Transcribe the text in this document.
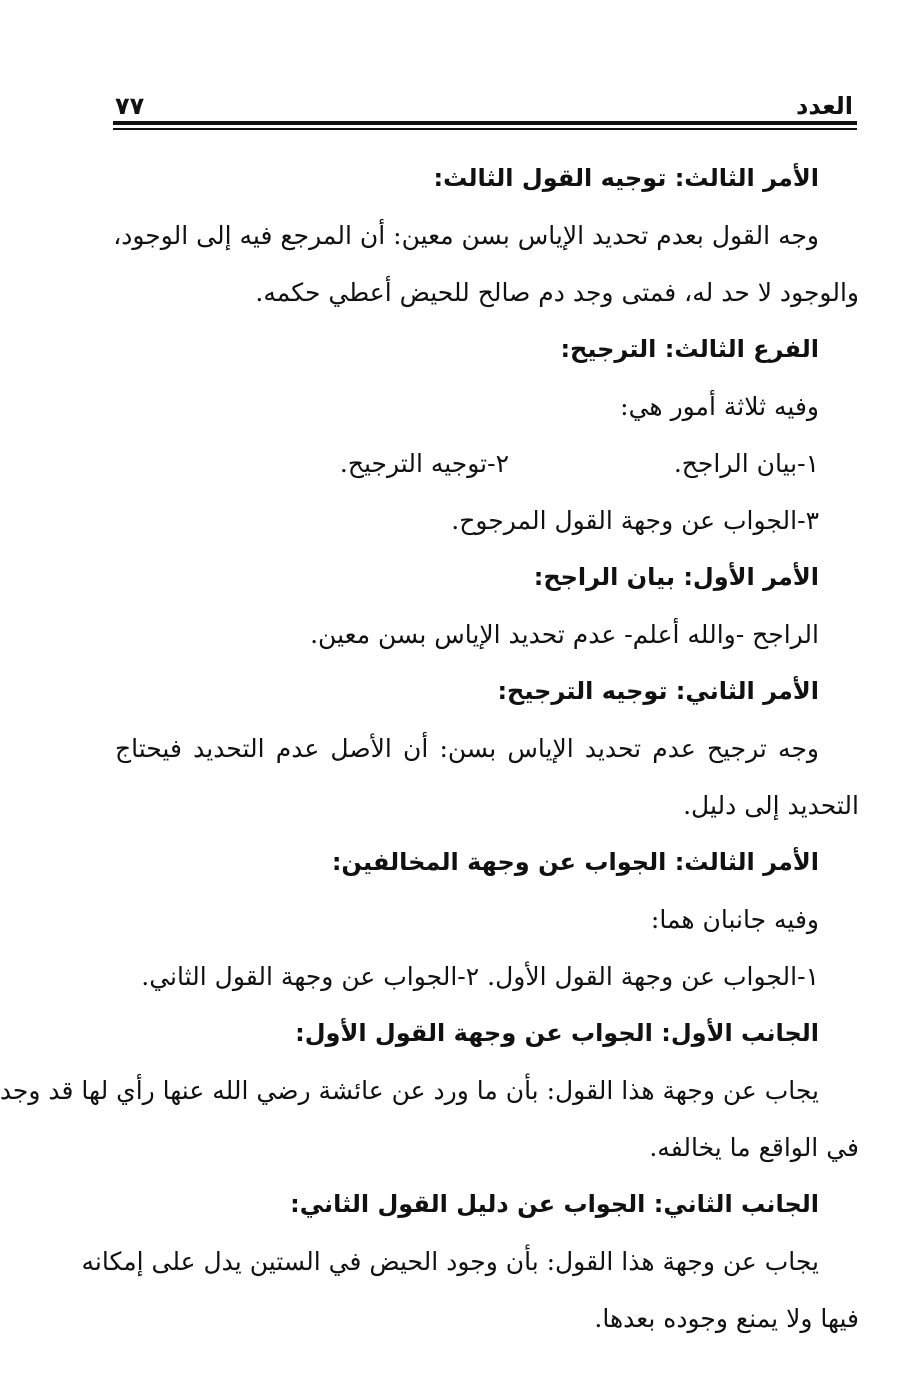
العدد
٧٧
الأمر الثالث: توجيه القول الثالث:
وجه القول بعدم تحديد الإياس بسن معين: أن المرجع فيه إلى الوجود،
والوجود لا حد له، فمتى وجد دم صالح للحيض أعطي حكمه.
الفرع الثالث: الترجيح:
وفيه ثلاثة أمور هي:
١-بيان الراجح.
٢-توجيه الترجيح.
٣-الجواب عن وجهة القول المرجوح.
الأمر الأول: بيان الراجح:
الراجح -والله أعلم- عدم تحديد الإياس بسن معين.
الأمر الثاني: توجيه الترجيح:
وجه ترجيح عدم تحديد الإياس بسن: أن الأصل عدم التحديد فيحتاج
التحديد إلى دليل.
الأمر الثالث: الجواب عن وجهة المخالفين:
وفيه جانبان هما:
١-الجواب عن وجهة القول الأول. ٢-الجواب عن وجهة القول الثاني.
الجانب الأول: الجواب عن وجهة القول الأول:
يجاب عن وجهة هذا القول: بأن ما ورد عن عائشة رضي الله عنها رأي لها قد وجد
في الواقع ما يخالفه.
الجانب الثاني: الجواب عن دليل القول الثاني:
يجاب عن وجهة هذا القول: بأن وجود الحيض في الستين يدل على إمكانه
فيها ولا يمنع وجوده بعدها.
